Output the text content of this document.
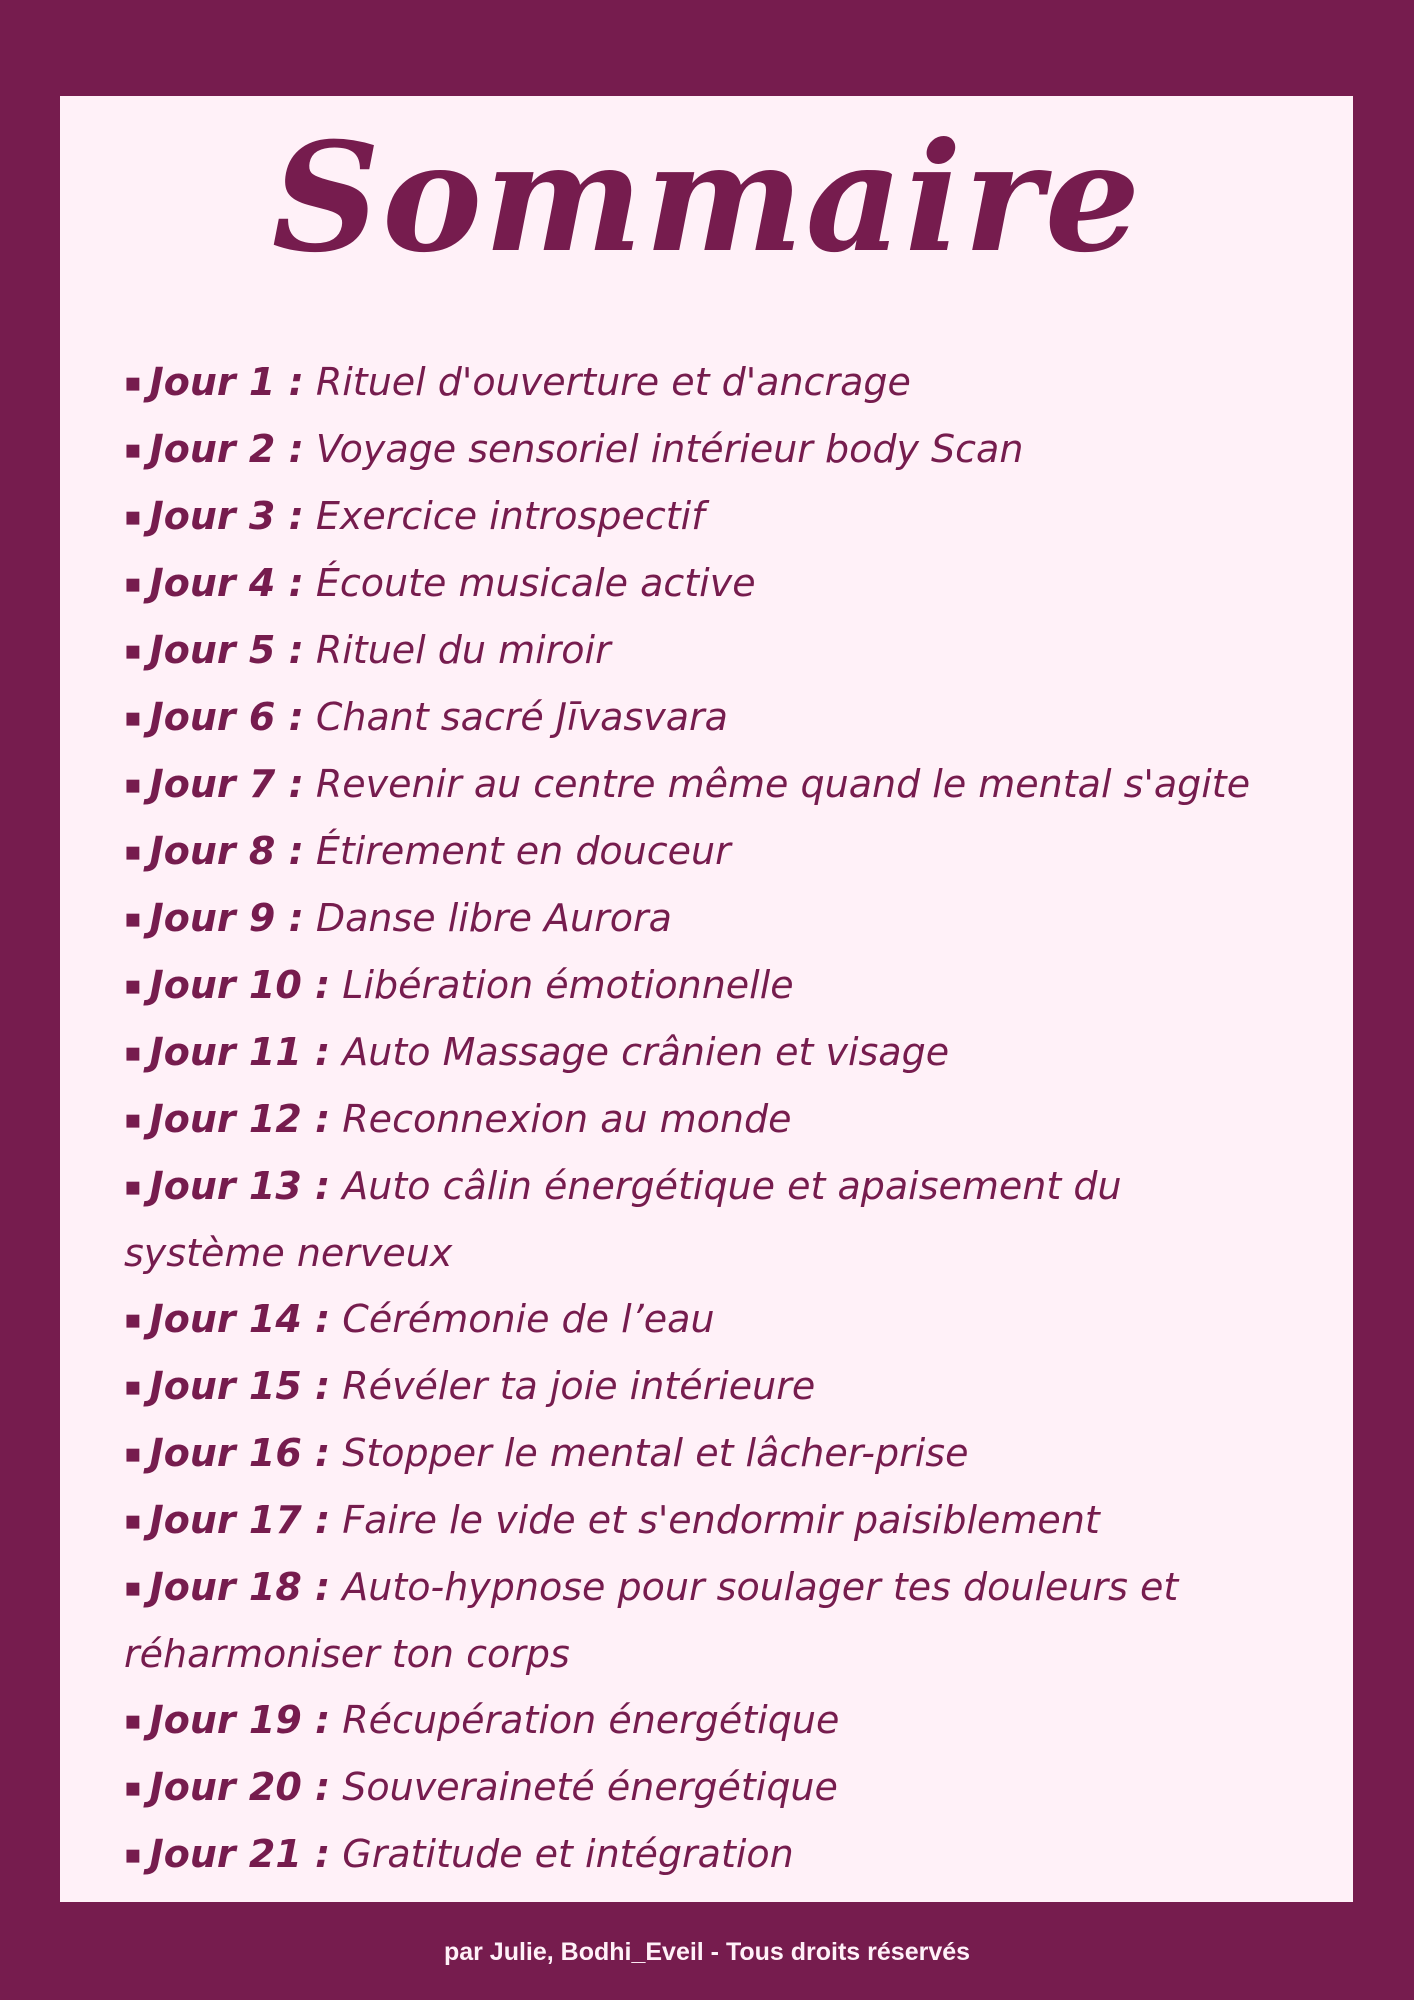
Sommaire
▪ Jour 1 : Rituel d'ouverture et d'ancrage
▪ Jour 2 : Voyage sensoriel intérieur body Scan
▪ Jour 3 : Exercice introspectif
▪ Jour 4 : Écoute musicale active
▪ Jour 5 : Rituel du miroir
▪ Jour 6 : Chant sacré Jīvasvara
▪ Jour 7 : Revenir au centre même quand le mental s'agite
▪ Jour 8 : Étirement en douceur
▪ Jour 9 : Danse libre Aurora
▪ Jour 10 : Libération émotionnelle
▪ Jour 11 : Auto Massage crânien et visage
▪ Jour 12 : Reconnexion au monde
▪ Jour 13 : Auto câlin énergétique et apaisement du système nerveux
▪ Jour 14 : Cérémonie de l’eau
▪ Jour 15 : Révéler ta joie intérieure
▪ Jour 16 : Stopper le mental et lâcher-prise
▪ Jour 17 : Faire le vide et s'endormir paisiblement
▪ Jour 18 : Auto-hypnose pour soulager tes douleurs et réharmoniser ton corps
▪ Jour 19 : Récupération énergétique
▪ Jour 20 : Souveraineté énergétique
▪ Jour 21 : Gratitude et intégration

par Julie, Bodhi_Eveil - Tous droits réservés
